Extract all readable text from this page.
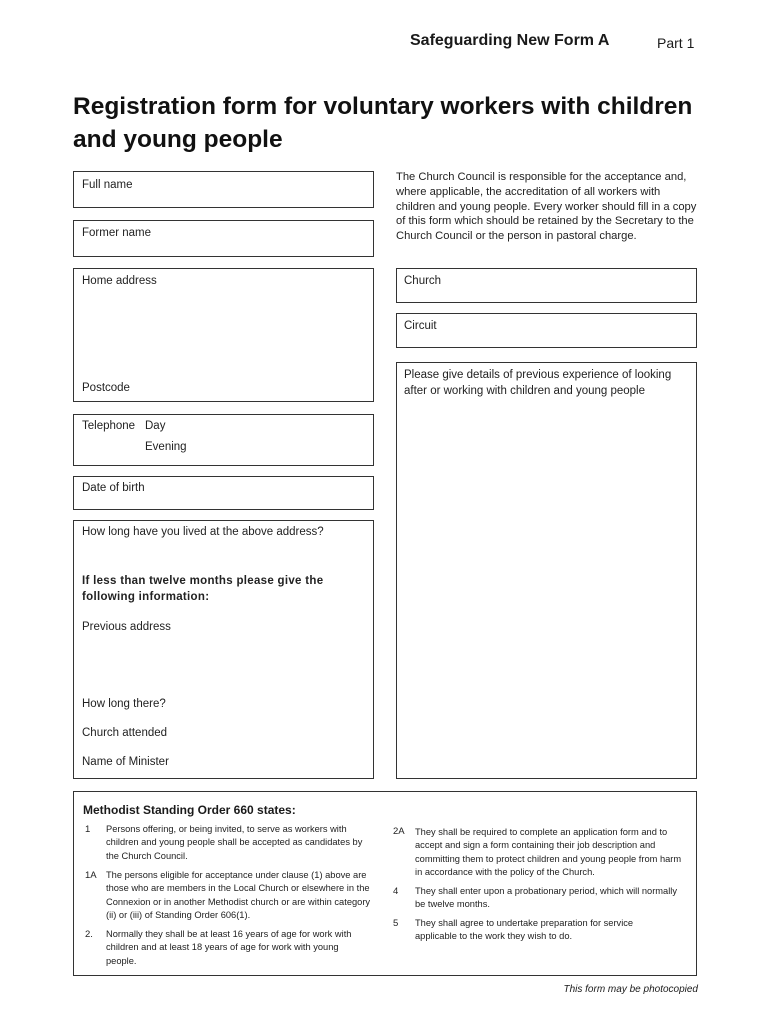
Safeguarding New Form A	Part 1
Registration form for voluntary workers with children and young people
The Church Council is responsible for the acceptance and, where applicable, the accreditation of all workers with children and young people. Every worker should fill in a copy of this form which should be retained by the Secretary to the Church Council or the person in pastoral charge.
Full name
Former name
Home address
Postcode
Telephone Day
Evening
Date of birth
How long have you lived at the above address?
If less than twelve months please give the following information:
Previous address
How long there?
Church attended
Name of Minister
Church
Circuit
Please give details of previous experience of looking after or working with children and young people
Methodist Standing Order 660 states:
1 Persons offering, or being invited, to serve as workers with children and young people shall be accepted as candidates by the Church Council.
1A The persons eligible for acceptance under clause (1) above are those who are members in the Local Church or elsewhere in the Connexion or in another Methodist church or are within category (ii) or (iii) of Standing Order 606(1).
2. Normally they shall be at least 16 years of age for work with children and at least 18 years of age for work with young people.
2A They shall be required to complete an application form and to accept and sign a form containing their job description and committing them to protect children and young people from harm in accordance with the policy of the Church.
4 They shall enter upon a probationary period, which will normally be twelve months.
5 They shall agree to undertake preparation for service applicable to the work they wish to do.
This form may be photocopied
